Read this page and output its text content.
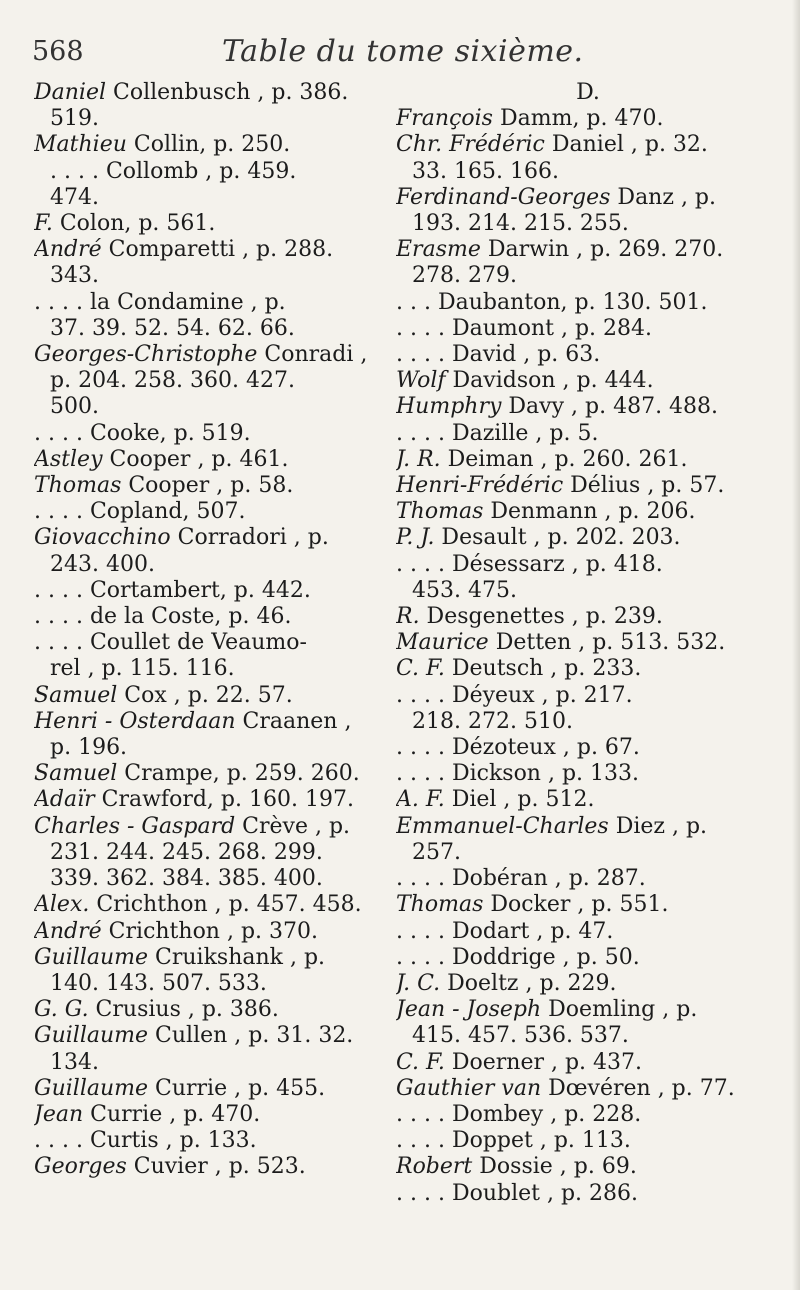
568	Table du tome sixième.
Daniel Collenbusch , p. 386.
519.
Mathieu Collin, p. 250.
. . . . Collomb , p. 459.
474.
F. Colon, p. 561.
André Comparetti , p. 288.
343.
. . . . la Condamine , p.
37. 39. 52. 54. 62. 66.
Georges-Christophe Conradi ,
p. 204. 258. 360. 427.
500.
. . . . Cooke, p. 519.
Astley Cooper , p. 461.
Thomas Cooper , p. 58.
. . . . Copland, 507.
Giovacchino Corradori , p.
243. 400.
. . . . Cortambert, p. 442.
. . . . de la Coste, p. 46.
. . . . Coullet de Veaumo-
rel , p. 115. 116.
Samuel Cox , p. 22. 57.
Henri - Osterdaan Craanen ,
p. 196.
Samuel Crampe, p. 259. 260.
Adaïr Crawford, p. 160. 197.
Charles - Gaspard Crève , p.
231. 244. 245. 268. 299.
339. 362. 384. 385. 400.
Alex. Crichthon , p. 457. 458.
André Crichthon , p. 370.
Guillaume Cruikshank , p.
140. 143. 507. 533.
G. G. Crusius , p. 386.
Guillaume Cullen , p. 31. 32.
134.
Guillaume Currie , p. 455.
Jean Currie , p. 470.
. . . . Curtis , p. 133.
Georges Cuvier , p. 523.
D.
François Damm, p. 470.
Chr. Frédéric Daniel , p. 32.
33. 165. 166.
Ferdinand-Georges Danz , p.
193. 214. 215. 255.
Erasme Darwin , p. 269. 270.
278. 279.
. . . Daubanton, p. 130. 501.
. . . . Daumont , p. 284.
. . . . David , p. 63.
Wolf Davidson , p. 444.
Humphry Davy , p. 487. 488.
. . . . Dazille , p. 5.
J. R. Deiman , p. 260. 261.
Henri-Frédéric Délius , p. 57.
Thomas Denmann , p. 206.
P. J. Desault , p. 202. 203.
. . . . Désessarz , p. 418.
453. 475.
R. Desgenettes , p. 239.
Maurice Detten , p. 513. 532.
C. F. Deutsch , p. 233.
. . . . Déyeux , p. 217.
218. 272. 510.
. . . . Dézoteux , p. 67.
. . . . Dickson , p. 133.
A. F. Diel , p. 512.
Emmanuel-Charles Diez , p.
257.
. . . . Dobéran , p. 287.
Thomas Docker , p. 551.
. . . . Dodart , p. 47.
. . . . Doddrige , p. 50.
J. C. Doeltz , p. 229.
Jean - Joseph Doemling , p.
415. 457. 536. 537.
C. F. Doerner , p. 437.
Gauthier van Dœvéren , p. 77.
. . . . Dombey , p. 228.
. . . . Doppet , p. 113.
Robert Dossie , p. 69.
. . . . Doublet , p. 286.
